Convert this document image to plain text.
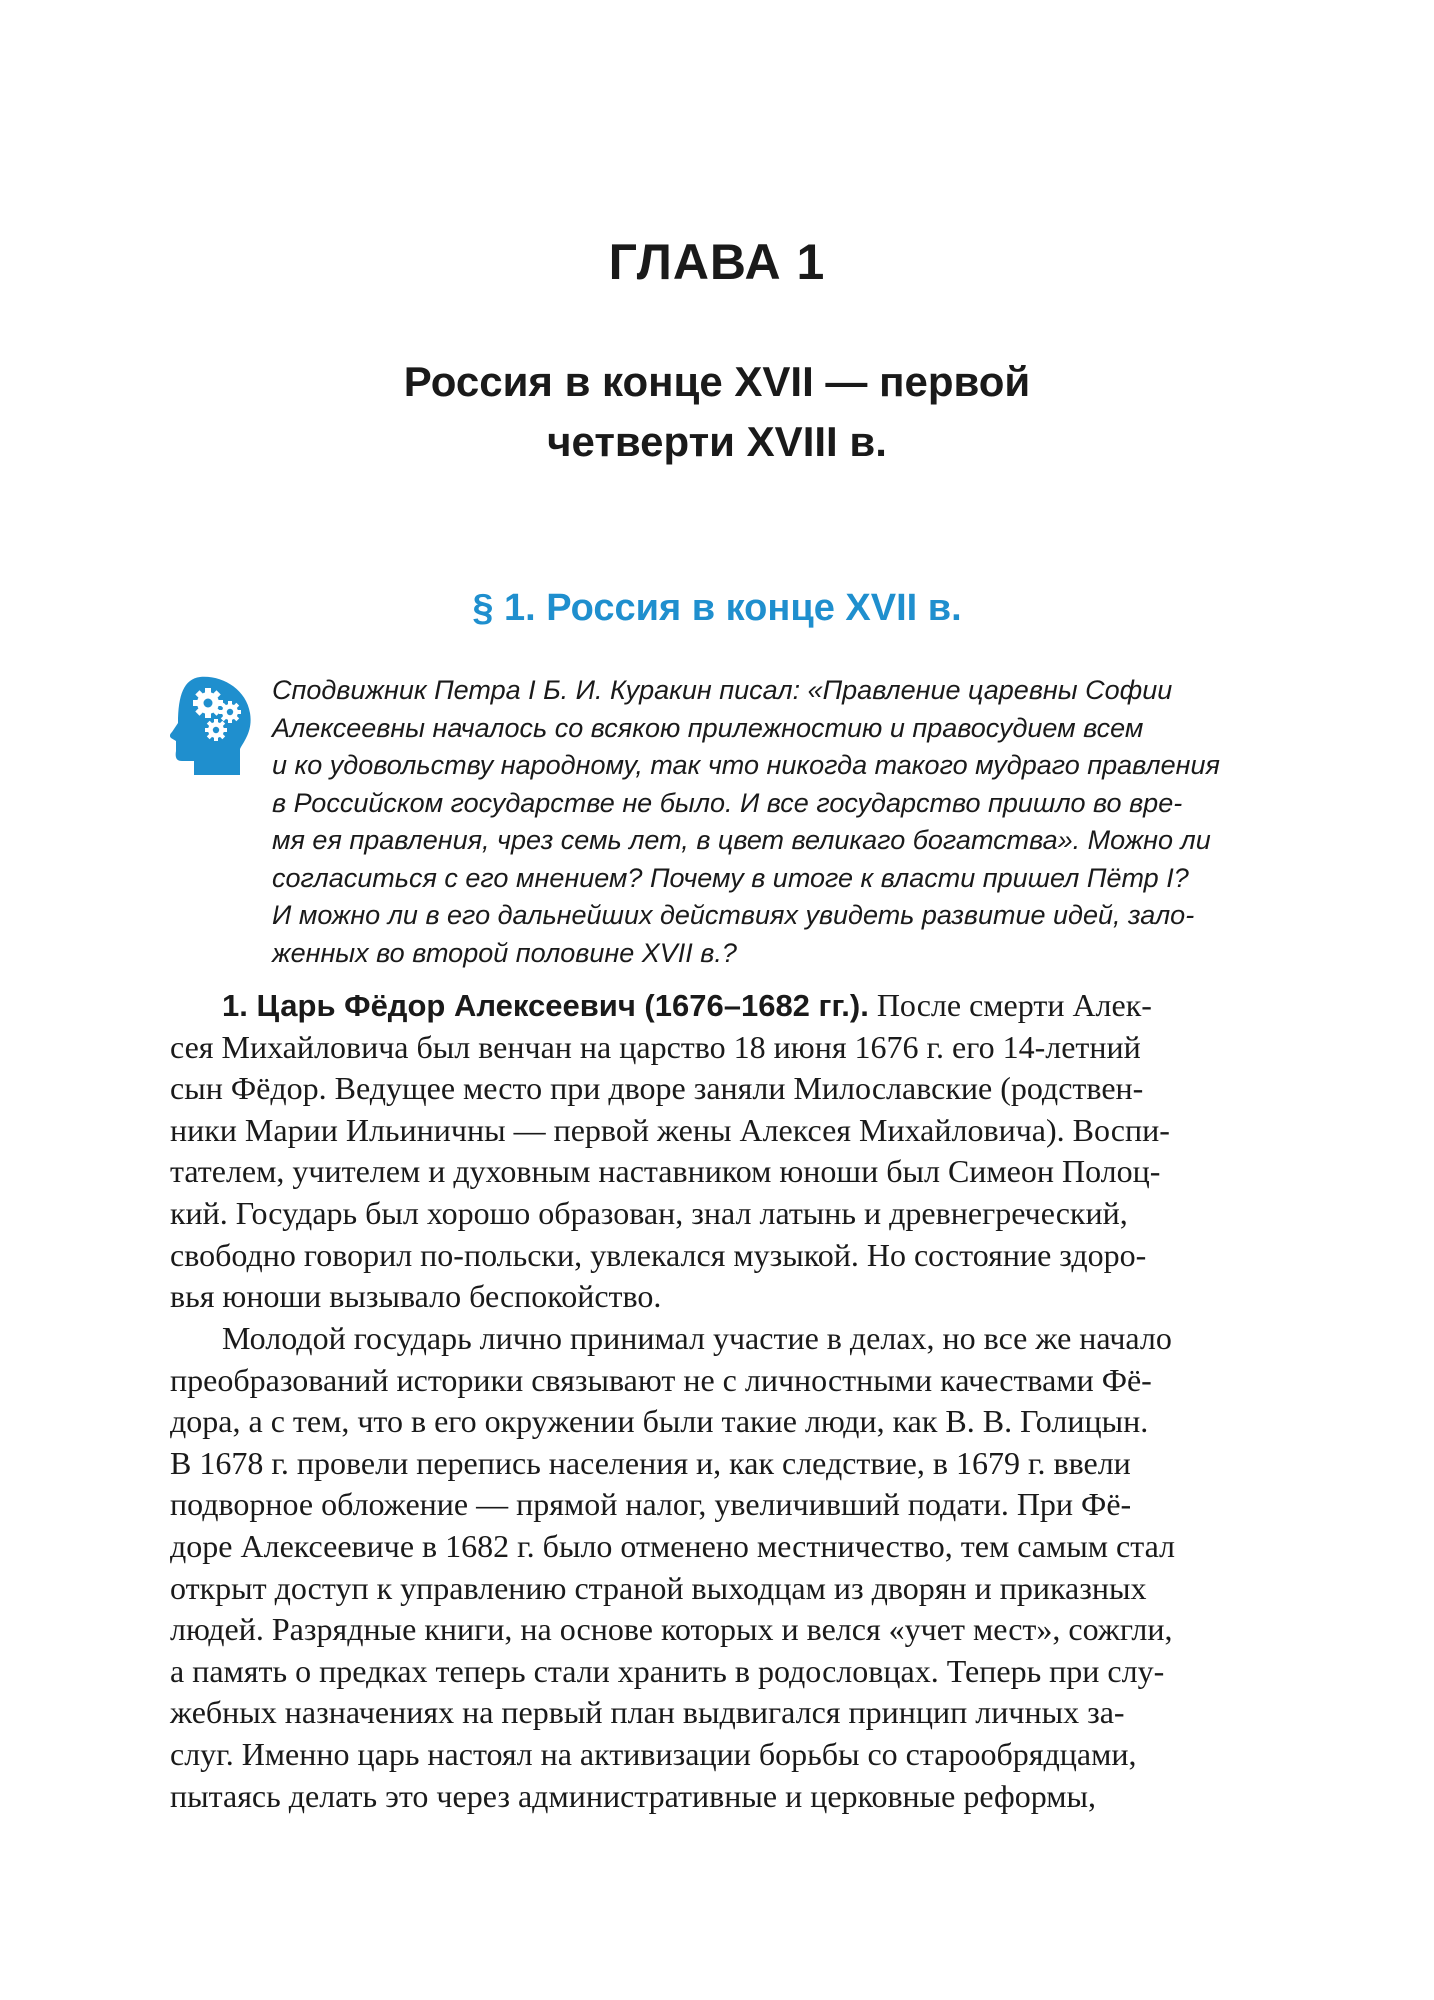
ГЛАВА 1
Россия в конце XVII — первой
четверти XVIII в.
§ 1. Россия в конце XVII в.
Сподвижник Петра I Б. И. Куракин писал: «Правление царевны Софии
Алексеевны началось со всякою прилежностию и правосудием всем
и ко удовольству народному, так что никогда такого мудраго правления
в Российском государстве не было. И все государство пришло во вре-
мя ея правления, чрез семь лет, в цвет великаго богатства». Можно ли
согласиться с его мнением? Почему в итоге к власти пришел Пётр I?
И можно ли в его дальнейших действиях увидеть развитие идей, зало-
женных во второй половине XVII в.?
1. Царь Фёдор Алексеевич (1676–1682 гг.). После смерти Алек-
сея Михайловича был венчан на царство 18 июня 1676 г. его 14-летний
сын Фёдор. Ведущее место при дворе заняли Милославские (родствен-
ники Марии Ильиничны — первой жены Алексея Михайловича). Воспи-
тателем, учителем и духовным наставником юноши был Симеон Полоц-
кий. Государь был хорошо образован, знал латынь и древнегреческий,
свободно говорил по-польски, увлекался музыкой. Но состояние здоро-
вья юноши вызывало беспокойство.
Молодой государь лично принимал участие в делах, но все же начало
преобразований историки связывают не с личностными качествами Фё-
дора, а с тем, что в его окружении были такие люди, как В. В. Голицын.
В 1678 г. провели перепись населения и, как следствие, в 1679 г. ввели
подворное обложение — прямой налог, увеличивший подати. При Фё-
доре Алексеевиче в 1682 г. было отменено местничество, тем самым стал
открыт доступ к управлению страной выходцам из дворян и приказных
людей. Разрядные книги, на основе которых и велся «учет мест», сожгли,
а память о предках теперь стали хранить в родословцах. Теперь при слу-
жебных назначениях на первый план выдвигался принцип личных за-
слуг. Именно царь настоял на активизации борьбы со старообрядцами,
пытаясь делать это через административные и церковные реформы,
